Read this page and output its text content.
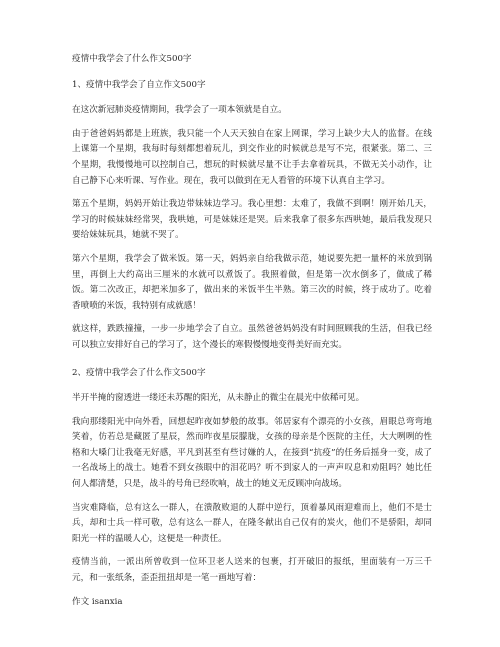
疫情中我学会了什么作文500字
1、疫情中我学会了自立作文500字

在这次新冠肺炎疫情期间，我学会了一项本领就是自立。

由于爸爸妈妈都是上班族，我只能一个人天天独自在家上网课，学习上缺少大人的监督。在线上课第一个星期，我每时每刻都想着玩儿，到交作业的时候就总是写不完，很紧张。第二、三个星期，我慢慢地可以控制自己，想玩的时候就尽量不让手去拿着玩具，不做无关小动作，让自己静下心来听课、写作业。现在，我可以做到在无人看管的环境下认真自主学习。

第五个星期，妈妈开始让我边带妹妹边学习。我心里想：太难了，我做不到啊！刚开始几天，学习的时候妹妹经常哭，我哄她，可是妹妹还是哭。后来我拿了很多东西哄她，最后我发现只要给妹妹玩具，她就不哭了。

第六个星期，我学会了做米饭。第一天，妈妈亲自给我做示范，她说要先把一量杯的米放到锅里，再倒上大约高出三厘米的水就可以煮饭了。我照着做，但是第一次水倒多了，做成了稀饭。第二次改正，却把米加多了，做出来的米饭半生半熟。第三次的时候，终于成功了。吃着香喷喷的米饭，我特别有成就感！

就这样，跌跌撞撞，一步一步地学会了自立。虽然爸爸妈妈没有时间照顾我的生活，但我已经可以独立安排好自己的学习了，这个漫长的寒假慢慢地变得美好而充实。

2、疫情中我学会了什么作文500字

半开半掩的窗透进一缕还未苏醒的阳光，从未静止的微尘在晨光中依稀可见。

我向那缕阳光中向外看，回想起昨夜如梦般的故事。邻居家有个漂亮的小女孩，眉眼总弯弯地笑着，仿若总是藏匿了星辰，然而昨夜星辰朦胧，女孩的母亲是个医院的主任，大大咧咧的性格和大嗓门让我毫无好感，平凡到甚至有些讨嫌的人，在接到“抗疫”的任务后摇身一变，成了一名战场上的战士。她看不到女孩眼中的泪花吗？听不到家人的一声声叹息和劝阻吗？她比任何人都清楚，只是，战斗的号角已经吹响，战士的她义无反顾冲向战场。

当灾难降临，总有这么一群人，在溃散败退的人群中逆行，顶着暴风雨迎难而上，他们不是士兵，却和士兵一样可敬，总有这么一群人，在隆冬献出自己仅有的炭火，他们不是骄阳，却同阳光一样的温暖人心，这便是一种责任。

疫情当前，一派出所曾收到一位环卫老人送来的包裹，打开破旧的报纸，里面装有一万三千元，和一张纸条，歪歪扭扭却是一笔一画地写着：

作文 isanxia
